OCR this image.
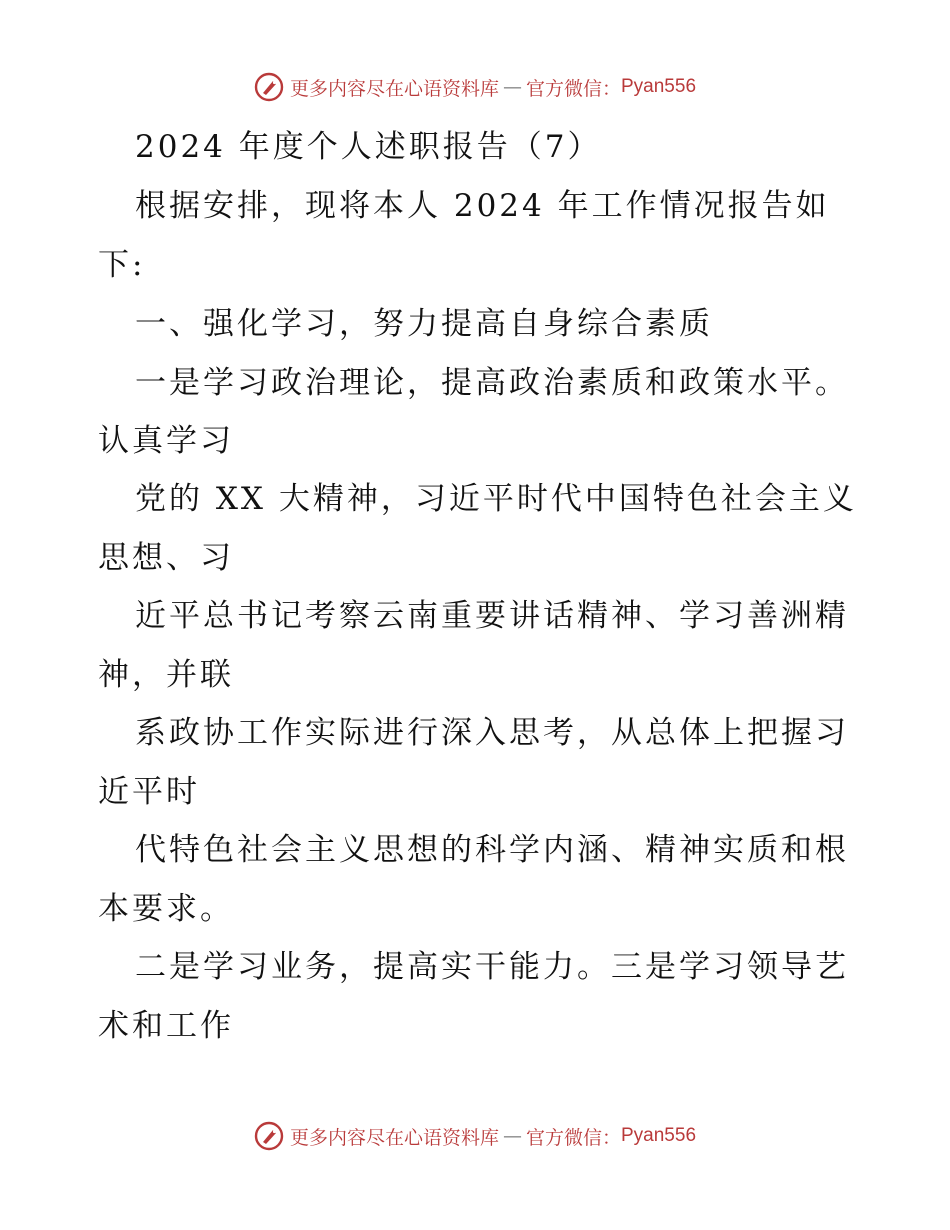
更多内容尽在心语资料库 — 官方微信： Pyan556
2024 年度个人述职报告（7）
根据安排，现将本人 2024 年工作情况报告如
下:
一、强化学习，努力提高自身综合素质
一是学习政治理论，提高政治素质和政策水平。
认真学习
党的 XX 大精神，习近平时代中国特色社会主义
思想、习
近平总书记考察云南重要讲话精神、学习善洲精
神，并联
系政协工作实际进行深入思考，从总体上把握习
近平时
代特色社会主义思想的科学内涵、精神实质和根
本要求。
二是学习业务，提高实干能力。三是学习领导艺
术和工作
更多内容尽在心语资料库 — 官方微信： Pyan556
